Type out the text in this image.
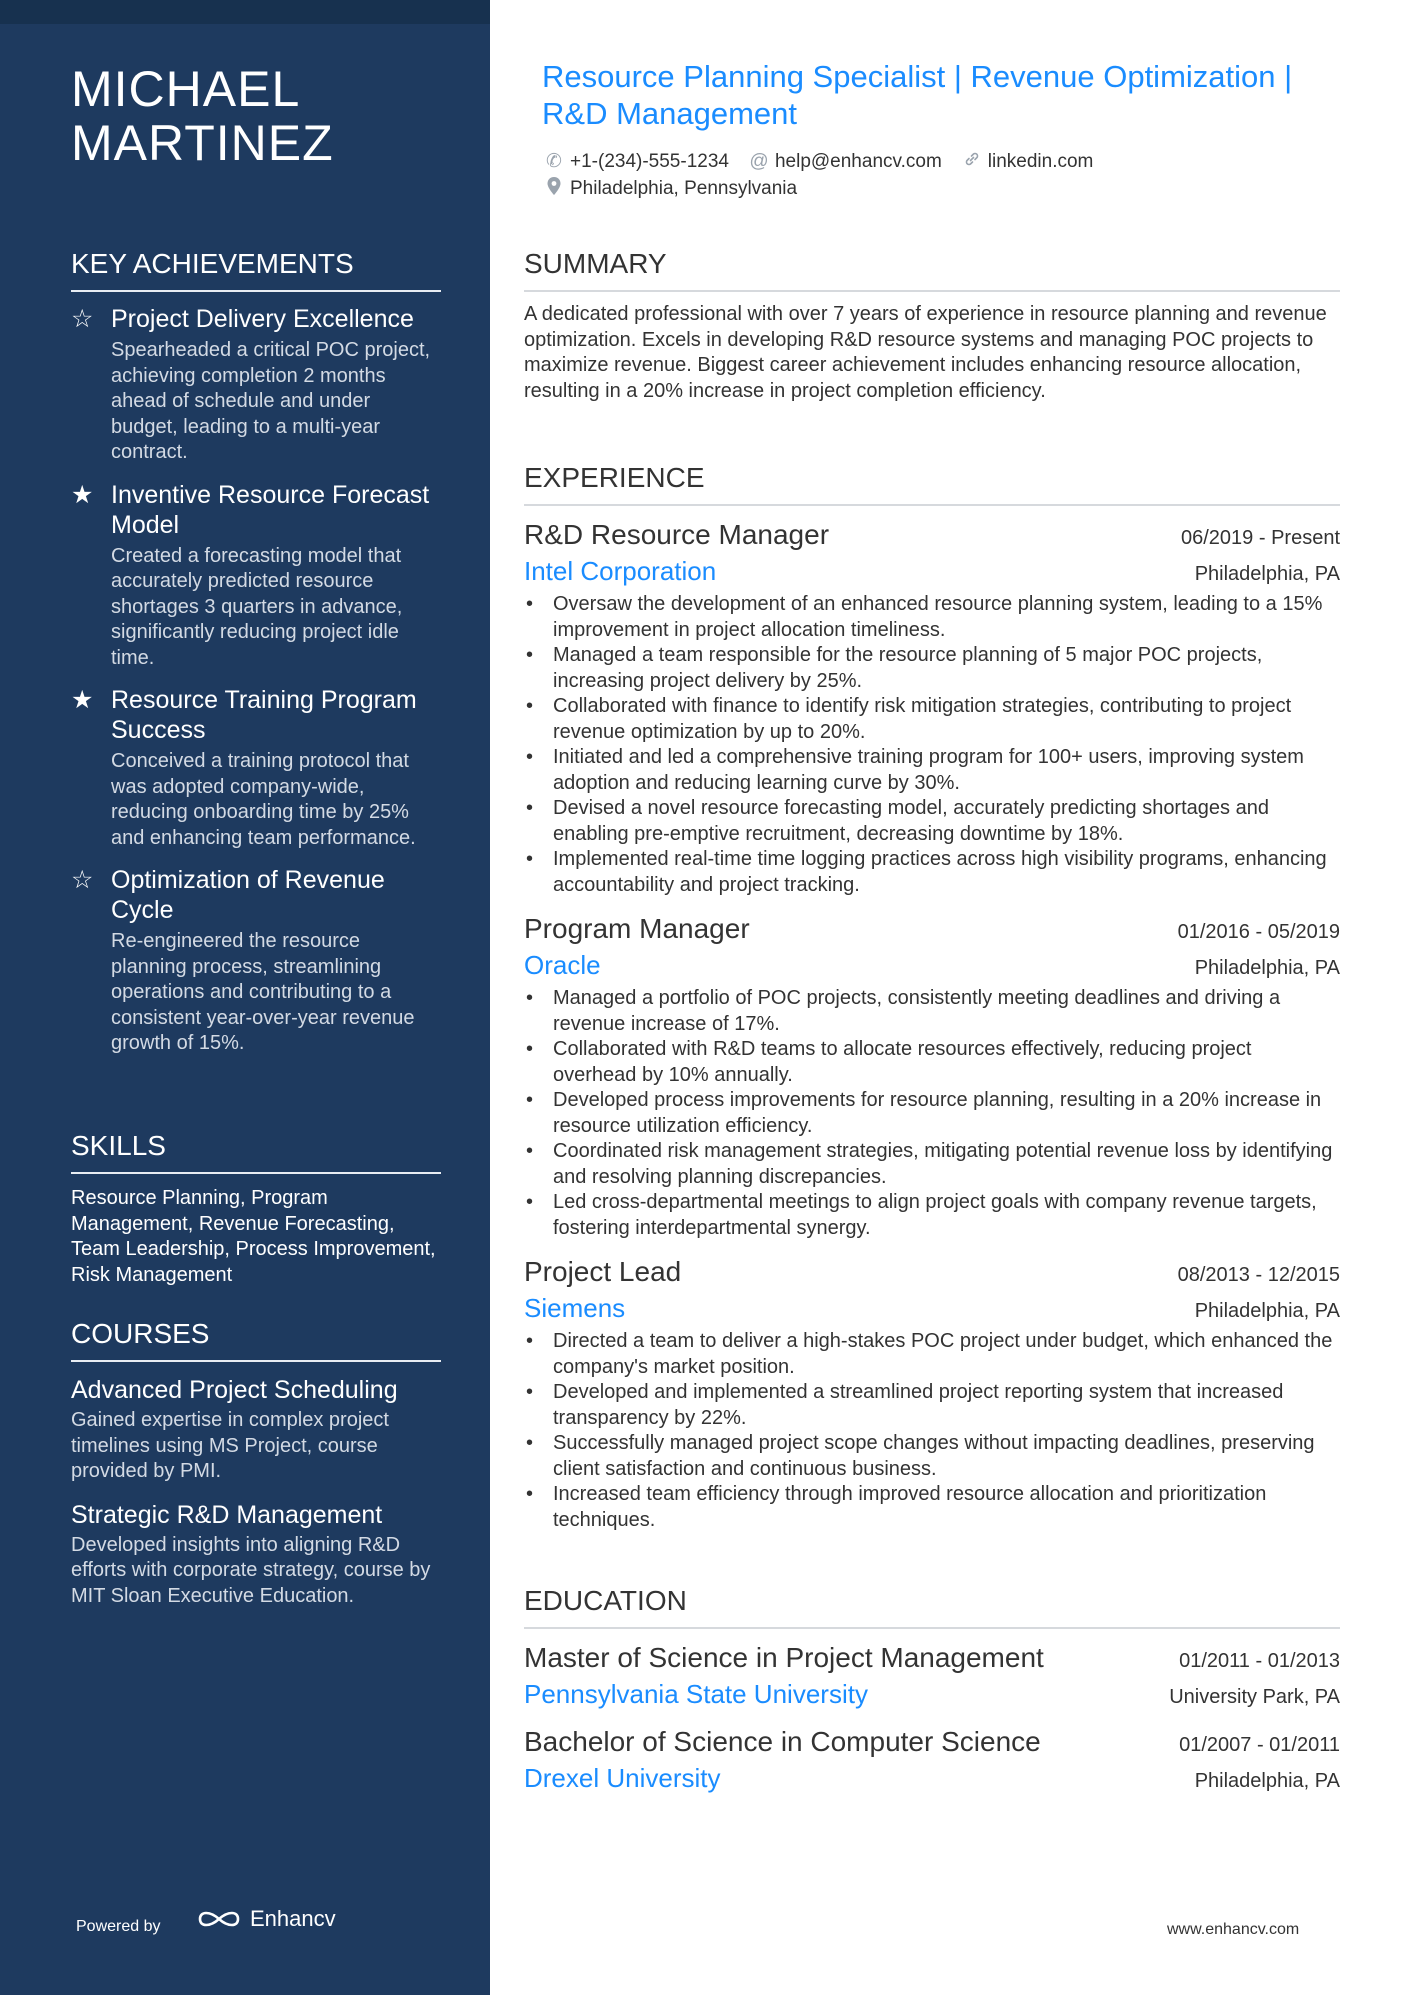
MICHAEL MARTINEZ
KEY ACHIEVEMENTS
☆ Project Delivery Excellence
Spearheaded a critical POC project, achieving completion 2 months ahead of schedule and under budget, leading to a multi-year contract.
★ Inventive Resource Forecast Model
Created a forecasting model that accurately predicted resource shortages 3 quarters in advance, significantly reducing project idle time.
★ Resource Training Program Success
Conceived a training protocol that was adopted company-wide, reducing onboarding time by 25% and enhancing team performance.
☆ Optimization of Revenue Cycle
Re-engineered the resource planning process, streamlining operations and contributing to a consistent year-over-year revenue growth of 15%.
SKILLS
Resource Planning, Program Management, Revenue Forecasting, Team Leadership, Process Improvement, Risk Management
COURSES
Advanced Project Scheduling
Gained expertise in complex project timelines using MS Project, course provided by PMI.
Strategic R&D Management
Developed insights into aligning R&D efforts with corporate strategy, course by MIT Sloan Executive Education.
Powered by	Enhancv
Resource Planning Specialist | Revenue Optimization | R&D Management
✆ +1-(234)-555-1234 @ help@enhancv.com linkedin.com
Philadelphia, Pennsylvania
SUMMARY
A dedicated professional with over 7 years of experience in resource planning and revenue optimization. Excels in developing R&D resource systems and managing POC projects to maximize revenue. Biggest career achievement includes enhancing resource allocation, resulting in a 20% increase in project completion efficiency.
EXPERIENCE
R&D Resource Manager	06/2019 - Present
Intel Corporation	Philadelphia, PA
• Oversaw the development of an enhanced resource planning system, leading to a 15% improvement in project allocation timeliness.
• Managed a team responsible for the resource planning of 5 major POC projects, increasing project delivery by 25%.
• Collaborated with finance to identify risk mitigation strategies, contributing to project revenue optimization by up to 20%.
• Initiated and led a comprehensive training program for 100+ users, improving system adoption and reducing learning curve by 30%.
• Devised a novel resource forecasting model, accurately predicting shortages and enabling pre-emptive recruitment, decreasing downtime by 18%.
• Implemented real-time time logging practices across high visibility programs, enhancing accountability and project tracking.
Program Manager	01/2016 - 05/2019
Oracle	Philadelphia, PA
• Managed a portfolio of POC projects, consistently meeting deadlines and driving a revenue increase of 17%.
• Collaborated with R&D teams to allocate resources effectively, reducing project overhead by 10% annually.
• Developed process improvements for resource planning, resulting in a 20% increase in resource utilization efficiency.
• Coordinated risk management strategies, mitigating potential revenue loss by identifying and resolving planning discrepancies.
• Led cross-departmental meetings to align project goals with company revenue targets, fostering interdepartmental synergy.
Project Lead	08/2013 - 12/2015
Siemens	Philadelphia, PA
• Directed a team to deliver a high-stakes POC project under budget, which enhanced the company's market position.
• Developed and implemented a streamlined project reporting system that increased transparency by 22%.
• Successfully managed project scope changes without impacting deadlines, preserving client satisfaction and continuous business.
• Increased team efficiency through improved resource allocation and prioritization techniques.
EDUCATION
Master of Science in Project Management	01/2011 - 01/2013
Pennsylvania State University	University Park, PA
Bachelor of Science in Computer Science	01/2007 - 01/2011
Drexel University	Philadelphia, PA
www.enhancv.com
